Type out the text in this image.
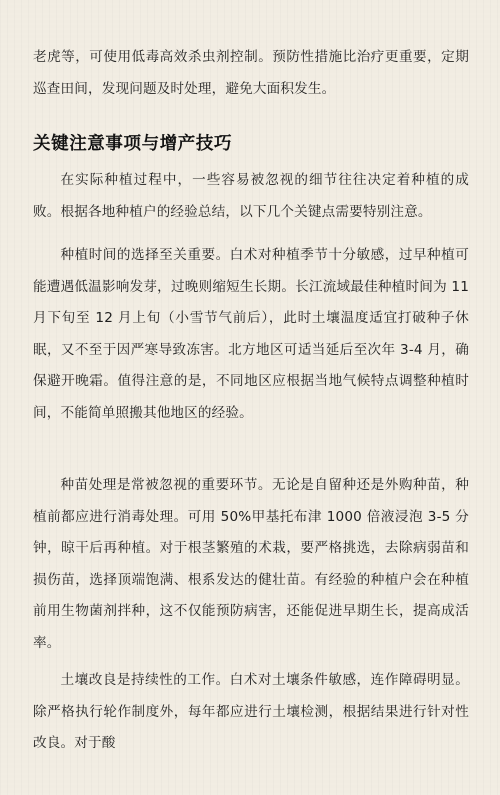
老虎等，可使用低毒高效杀虫剂控制。预防性措施比治疗更重要，定期巡查田间，发现问题及时处理，避免大面积发生。

关键注意事项与增产技巧

在实际种植过程中，一些容易被忽视的细节往往决定着种植的成败。根据各地种植户的经验总结，以下几个关键点需要特别注意。

种植时间的选择至关重要。白术对种植季节十分敏感，过早种植可能遭遇低温影响发芽，过晚则缩短生长期。长江流域最佳种植时间为 11 月下旬至 12 月上旬（小雪节气前后），此时土壤温度适宜打破种子休眠，又不至于因严寒导致冻害。北方地区可适当延后至次年 3-4 月，确保避开晚霜。值得注意的是，不同地区应根据当地气候特点调整种植时间，不能简单照搬其他地区的经验。

种苗处理是常被忽视的重要环节。无论是自留种还是外购种苗，种植前都应进行消毒处理。可用 50%甲基托布津 1000 倍液浸泡 3-5 分钟，晾干后再种植。对于根茎繁殖的术栽，要严格挑选，去除病弱苗和损伤苗，选择顶端饱满、根系发达的健壮苗。有经验的种植户会在种植前用生物菌剂拌种，这不仅能预防病害，还能促进早期生长，提高成活率。

土壤改良是持续性的工作。白术对土壤条件敏感，连作障碍明显。除严格执行轮作制度外，每年都应进行土壤检测，根据结果进行针对性改良。对于酸
